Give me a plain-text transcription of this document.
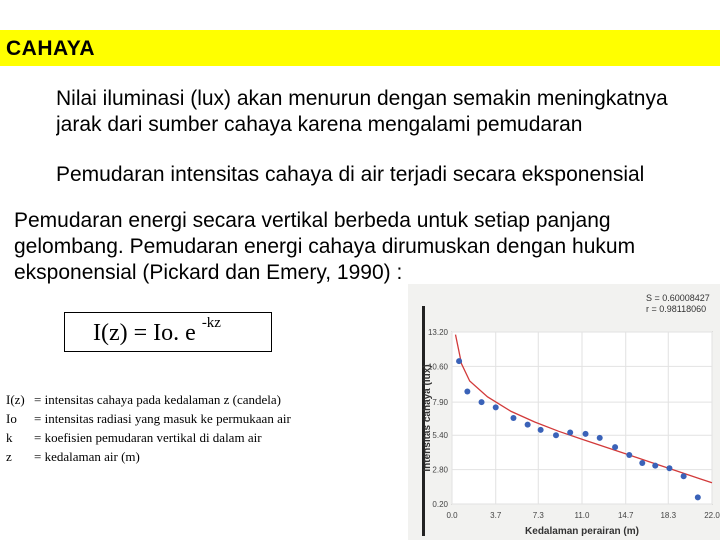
CAHAYA

Nilai iluminasi (lux) akan menurun dengan semakin meningkatnya jarak dari sumber cahaya karena mengalami pemudaran

Pemudaran intensitas cahaya di air terjadi secara eksponensial

Pemudaran energi secara vertikal berbeda untuk setiap panjang gelombang. Pemudaran energi cahaya dirumuskan dengan hukum eksponensial (Pickard dan Emery, 1990) :

I(z) = Io. e $^{-kz}$
I(z) = intensitas cahaya pada kedalaman z (candela)
Io = intensitas radiasi yang masuk ke permukaan air
k = koefisien pemudaran vertikal di dalam air
z = kedalaman air (m)
0.20
2.80
5.40
7.90
10.60
13.20
0.0	3.7	7.3	11.0	14.7	18.3	22.0
S = 0.60008427
r = 0.98118060
Intensitas cahaya (lux)
Kedalaman perairan (m)
